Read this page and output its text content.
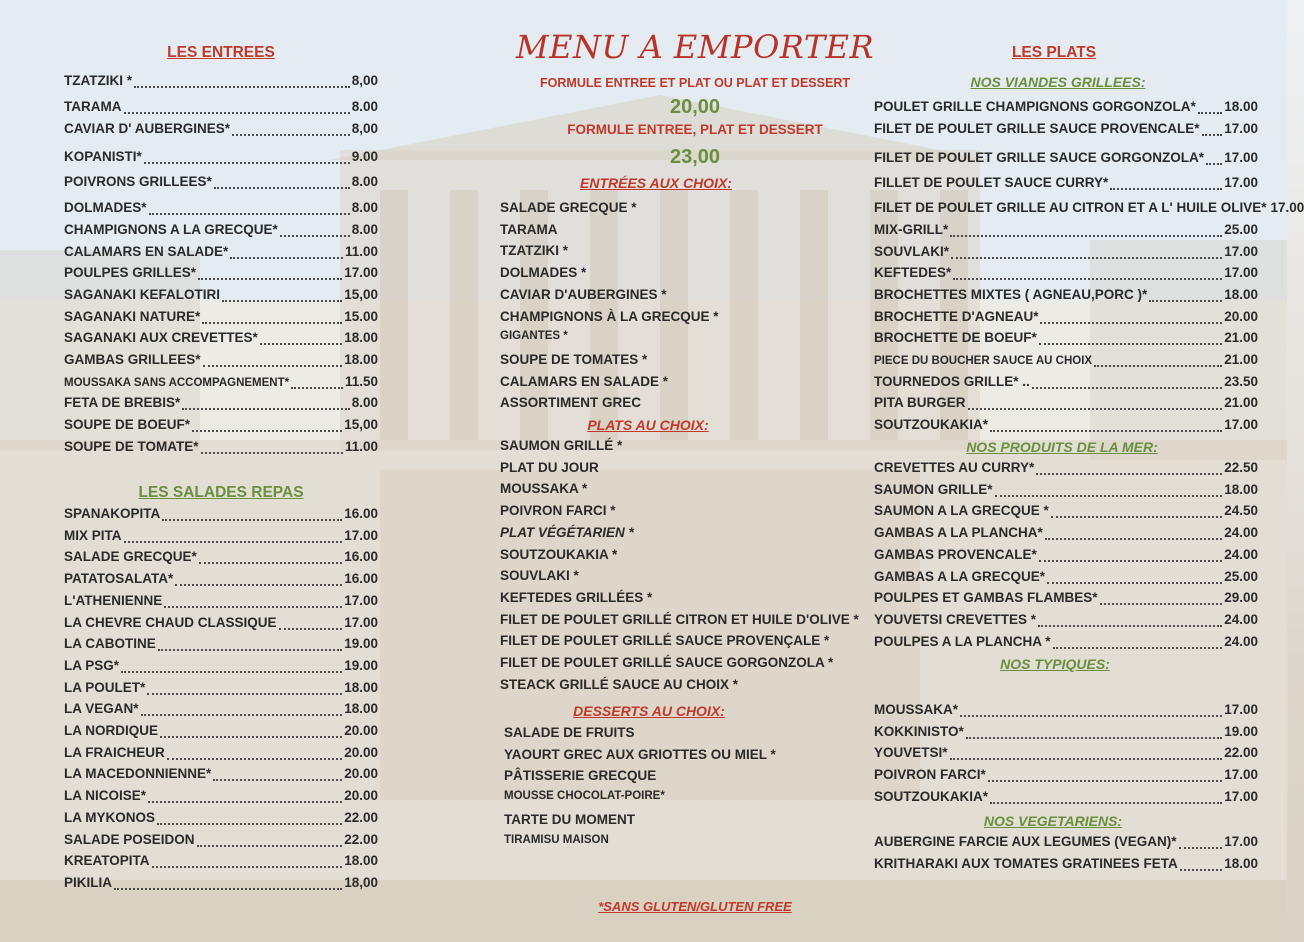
LES ENTREES
TZATZIKI *	8,00
TARAMA	8.00
CAVIAR D' AUBERGINES*	8,00
KOPANISTI*	9.00
POIVRONS GRILLEES*	8.00
DOLMADES*	8.00
CHAMPIGNONS A LA GRECQUE*	8.00
CALAMARS EN SALADE*	11.00
POULPES GRILLES*	17.00
SAGANAKI KEFALOTIRI	15,00
SAGANAKI NATURE*	15.00
SAGANAKI AUX CREVETTES*	18.00
GAMBAS GRILLEES*	18.00
MOUSSAKA SANS ACCOMPAGNEMENT*	11.50
FETA DE BREBIS*	8.00
SOUPE DE BOEUF*	15,00
SOUPE DE TOMATE*	11.00
LES SALADES REPAS
SPANAKOPITA	16.00
MIX PITA	17.00
SALADE GRECQUE*	16.00
PATATOSALATA*	16.00
L'ATHENIENNE	17.00
LA CHEVRE CHAUD CLASSIQUE	17.00
LA CABOTINE	19.00
LA PSG*	19.00
LA POULET*	18.00
LA VEGAN*	18.00
LA NORDIQUE	20.00
LA FRAICHEUR	20.00
LA MACEDONNIENNE*	20.00
LA NICOISE*	20.00
LA MYKONOS	22.00
SALADE POSEIDON	22.00
KREATOPITA	18.00
PIKILIA	18,00
MENU A EMPORTER
FORMULE ENTREE ET PLAT OU PLAT ET DESSERT
20,00
FORMULE ENTREE, PLAT ET DESSERT
23,00
ENTRÉES AUX CHOIX:
SALADE GRECQUE *
TARAMA
TZATZIKI *
DOLMADES *
CAVIAR D'AUBERGINES *
CHAMPIGNONS À LA GRECQUE *
GIGANTES *
SOUPE DE TOMATES *
CALAMARS EN SALADE *
ASSORTIMENT GREC
PLATS AU CHOIX:
SAUMON GRILLÉ *
PLAT DU JOUR
MOUSSAKA *
POIVRON FARCI *
PLAT VÉGÉTARIEN *
SOUTZOUKAKIA *
SOUVLAKI *
KEFTEDES GRILLÉES *
FILET DE POULET GRILLÉ CITRON ET HUILE D'OLIVE *
FILET DE POULET GRILLÉ SAUCE PROVENÇALE *
FILET DE POULET GRILLÉ SAUCE GORGONZOLA *
STEACK GRILLÉ SAUCE AU CHOIX *
DESSERTS AU CHOIX:
SALADE DE FRUITS
YAOURT GREC AUX GRIOTTES OU MIEL *
PÂTISSERIE GRECQUE
MOUSSE CHOCOLAT-POIRE*
TARTE DU MOMENT
TIRAMISU MAISON
LES PLATS
NOS VIANDES GRILLEES:
POULET GRILLE CHAMPIGNONS GORGONZOLA* 18.00
FILET DE POULET GRILLE SAUCE PROVENCALE* 17.00
FILET DE POULET GRILLE SAUCE GORGONZOLA* 17.00
FILLET DE POULET SAUCE CURRY*	17.00
FILET DE POULET GRILLE AU CITRON ET A L' HUILE OLIVE* 17.00
MIX-GRILL*	25.00
SOUVLAKI*	17.00
KEFTEDES*	17.00
BROCHETTES MIXTES ( AGNEAU,PORC )*	18.00
BROCHETTE D'AGNEAU*	20.00
BROCHETTE DE BOEUF*	21.00
PIECE DU BOUCHER SAUCE AU CHOIX	21.00
TOURNEDOS GRILLE* ..	23.50
PITA BURGER	21.00
SOUTZOUKAKIA*	17.00
NOS PRODUITS DE LA MER:
CREVETTES AU CURRY*	22.50
SAUMON GRILLE*	18.00
SAUMON A LA GRECQUE *	24.50
GAMBAS A LA PLANCHA*	24.00
GAMBAS PROVENCALE*	24.00
GAMBAS A LA GRECQUE*	25.00
POULPES ET GAMBAS FLAMBES*	29.00
YOUVETSI CREVETTES *	24.00
POULPES A LA PLANCHA *	24.00
NOS TYPIQUES:
MOUSSAKA*	17.00
KOKKINISTO*	19.00
YOUVETSI*	22.00
POIVRON FARCI*	17.00
SOUTZOUKAKIA*	17.00
NOS VEGETARIENS:
AUBERGINE FARCIE AUX LEGUMES (VEGAN)*	17.00
KRITHARAKI AUX TOMATES GRATINEES FETA	18.00
*SANS GLUTEN/GLUTEN FREE
